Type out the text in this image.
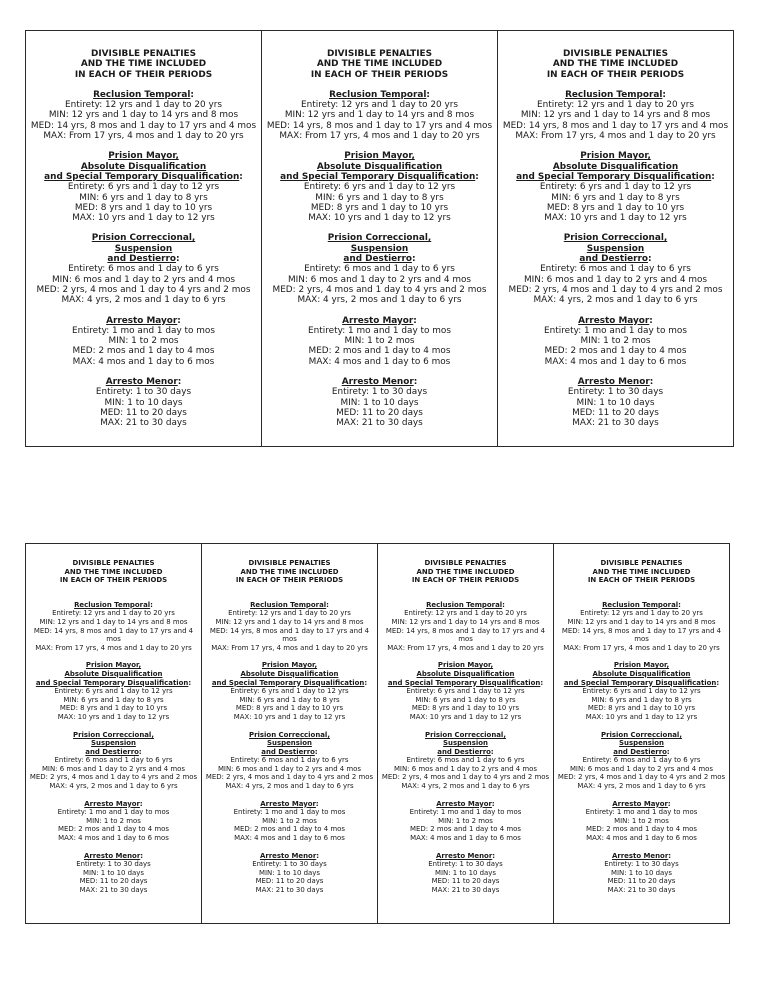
DIVISIBLE PENALTIES
AND THE TIME INCLUDED
IN EACH OF THEIR PERIODS
Reclusion Temporal:
Entirety: 12 yrs and 1 day to 20 yrs
MIN: 12 yrs and 1 day to 14 yrs and 8 mos
MED: 14 yrs, 8 mos and 1 day to 17 yrs and 4 mos
MAX: From 17 yrs, 4 mos and 1 day to 20 yrs
Prision Mayor,
Absolute Disqualification
and Special Temporary Disqualification:
Entirety: 6 yrs and 1 day to 12 yrs
MIN: 6 yrs and 1 day to 8 yrs
MED: 8 yrs and 1 day to 10 yrs
MAX: 10 yrs and 1 day to 12 yrs
Prision Correccional,
Suspension
and Destierro:
Entirety: 6 mos and 1 day to 6 yrs
MIN: 6 mos and 1 day to 2 yrs and 4 mos
MED: 2 yrs, 4 mos and 1 day to 4 yrs and 2 mos
MAX: 4 yrs, 2 mos and 1 day to 6 yrs
Arresto Mayor:
Entirety: 1 mo and 1 day to mos
MIN: 1 to 2 mos
MED: 2 mos and 1 day to 4 mos
MAX: 4 mos and 1 day to 6 mos
Arresto Menor:
Entirety: 1 to 30 days
MIN: 1 to 10 days
MED: 11 to 20 days
MAX: 21 to 30 days
DIVISIBLE PENALTIES
AND THE TIME INCLUDED
IN EACH OF THEIR PERIODS
Reclusion Temporal:
Entirety: 12 yrs and 1 day to 20 yrs
MIN: 12 yrs and 1 day to 14 yrs and 8 mos
MED: 14 yrs, 8 mos and 1 day to 17 yrs and 4 mos
MAX: From 17 yrs, 4 mos and 1 day to 20 yrs
Prision Mayor,
Absolute Disqualification
and Special Temporary Disqualification:
Entirety: 6 yrs and 1 day to 12 yrs
MIN: 6 yrs and 1 day to 8 yrs
MED: 8 yrs and 1 day to 10 yrs
MAX: 10 yrs and 1 day to 12 yrs
Prision Correccional,
Suspension
and Destierro:
Entirety: 6 mos and 1 day to 6 yrs
MIN: 6 mos and 1 day to 2 yrs and 4 mos
MED: 2 yrs, 4 mos and 1 day to 4 yrs and 2 mos
MAX: 4 yrs, 2 mos and 1 day to 6 yrs
Arresto Mayor:
Entirety: 1 mo and 1 day to mos
MIN: 1 to 2 mos
MED: 2 mos and 1 day to 4 mos
MAX: 4 mos and 1 day to 6 mos
Arresto Menor:
Entirety: 1 to 30 days
MIN: 1 to 10 days
MED: 11 to 20 days
MAX: 21 to 30 days
DIVISIBLE PENALTIES
AND THE TIME INCLUDED
IN EACH OF THEIR PERIODS
Reclusion Temporal:
Entirety: 12 yrs and 1 day to 20 yrs
MIN: 12 yrs and 1 day to 14 yrs and 8 mos
MED: 14 yrs, 8 mos and 1 day to 17 yrs and 4 mos
MAX: From 17 yrs, 4 mos and 1 day to 20 yrs
Prision Mayor,
Absolute Disqualification
and Special Temporary Disqualification:
Entirety: 6 yrs and 1 day to 12 yrs
MIN: 6 yrs and 1 day to 8 yrs
MED: 8 yrs and 1 day to 10 yrs
MAX: 10 yrs and 1 day to 12 yrs
Prision Correccional,
Suspension
and Destierro:
Entirety: 6 mos and 1 day to 6 yrs
MIN: 6 mos and 1 day to 2 yrs and 4 mos
MED: 2 yrs, 4 mos and 1 day to 4 yrs and 2 mos
MAX: 4 yrs, 2 mos and 1 day to 6 yrs
Arresto Mayor:
Entirety: 1 mo and 1 day to mos
MIN: 1 to 2 mos
MED: 2 mos and 1 day to 4 mos
MAX: 4 mos and 1 day to 6 mos
Arresto Menor:
Entirety: 1 to 30 days
MIN: 1 to 10 days
MED: 11 to 20 days
MAX: 21 to 30 days
DIVISIBLE PENALTIES
AND THE TIME INCLUDED
IN EACH OF THEIR PERIODS
Reclusion Temporal:
Entirety: 12 yrs and 1 day to 20 yrs
MIN: 12 yrs and 1 day to 14 yrs and 8 mos
MED: 14 yrs, 8 mos and 1 day to 17 yrs and 4 mos
MAX: From 17 yrs, 4 mos and 1 day to 20 yrs
Prision Mayor,
Absolute Disqualification
and Special Temporary Disqualification:
Entirety: 6 yrs and 1 day to 12 yrs
MIN: 6 yrs and 1 day to 8 yrs
MED: 8 yrs and 1 day to 10 yrs
MAX: 10 yrs and 1 day to 12 yrs
Prision Correccional,
Suspension
and Destierro:
Entirety: 6 mos and 1 day to 6 yrs
MIN: 6 mos and 1 day to 2 yrs and 4 mos
MED: 2 yrs, 4 mos and 1 day to 4 yrs and 2 mos
MAX: 4 yrs, 2 mos and 1 day to 6 yrs
Arresto Mayor:
Entirety: 1 mo and 1 day to mos
MIN: 1 to 2 mos
MED: 2 mos and 1 day to 4 mos
MAX: 4 mos and 1 day to 6 mos
Arresto Menor:
Entirety: 1 to 30 days
MIN: 1 to 10 days
MED: 11 to 20 days
MAX: 21 to 30 days
DIVISIBLE PENALTIES
AND THE TIME INCLUDED
IN EACH OF THEIR PERIODS
Reclusion Temporal:
Entirety: 12 yrs and 1 day to 20 yrs
MIN: 12 yrs and 1 day to 14 yrs and 8 mos
MED: 14 yrs, 8 mos and 1 day to 17 yrs and 4 mos
MAX: From 17 yrs, 4 mos and 1 day to 20 yrs
Prision Mayor,
Absolute Disqualification
and Special Temporary Disqualification:
Entirety: 6 yrs and 1 day to 12 yrs
MIN: 6 yrs and 1 day to 8 yrs
MED: 8 yrs and 1 day to 10 yrs
MAX: 10 yrs and 1 day to 12 yrs
Prision Correccional,
Suspension
and Destierro:
Entirety: 6 mos and 1 day to 6 yrs
MIN: 6 mos and 1 day to 2 yrs and 4 mos
MED: 2 yrs, 4 mos and 1 day to 4 yrs and 2 mos
MAX: 4 yrs, 2 mos and 1 day to 6 yrs
Arresto Mayor:
Entirety: 1 mo and 1 day to mos
MIN: 1 to 2 mos
MED: 2 mos and 1 day to 4 mos
MAX: 4 mos and 1 day to 6 mos
Arresto Menor:
Entirety: 1 to 30 days
MIN: 1 to 10 days
MED: 11 to 20 days
MAX: 21 to 30 days
DIVISIBLE PENALTIES
AND THE TIME INCLUDED
IN EACH OF THEIR PERIODS
Reclusion Temporal:
Entirety: 12 yrs and 1 day to 20 yrs
MIN: 12 yrs and 1 day to 14 yrs and 8 mos
MED: 14 yrs, 8 mos and 1 day to 17 yrs and 4 mos
MAX: From 17 yrs, 4 mos and 1 day to 20 yrs
Prision Mayor,
Absolute Disqualification
and Special Temporary Disqualification:
Entirety: 6 yrs and 1 day to 12 yrs
MIN: 6 yrs and 1 day to 8 yrs
MED: 8 yrs and 1 day to 10 yrs
MAX: 10 yrs and 1 day to 12 yrs
Prision Correccional,
Suspension
and Destierro:
Entirety: 6 mos and 1 day to 6 yrs
MIN: 6 mos and 1 day to 2 yrs and 4 mos
MED: 2 yrs, 4 mos and 1 day to 4 yrs and 2 mos
MAX: 4 yrs, 2 mos and 1 day to 6 yrs
Arresto Mayor:
Entirety: 1 mo and 1 day to mos
MIN: 1 to 2 mos
MED: 2 mos and 1 day to 4 mos
MAX: 4 mos and 1 day to 6 mos
Arresto Menor:
Entirety: 1 to 30 days
MIN: 1 to 10 days
MED: 11 to 20 days
MAX: 21 to 30 days
DIVISIBLE PENALTIES
AND THE TIME INCLUDED
IN EACH OF THEIR PERIODS
Reclusion Temporal:
Entirety: 12 yrs and 1 day to 20 yrs
MIN: 12 yrs and 1 day to 14 yrs and 8 mos
MED: 14 yrs, 8 mos and 1 day to 17 yrs and 4 mos
MAX: From 17 yrs, 4 mos and 1 day to 20 yrs
Prision Mayor,
Absolute Disqualification
and Special Temporary Disqualification:
Entirety: 6 yrs and 1 day to 12 yrs
MIN: 6 yrs and 1 day to 8 yrs
MED: 8 yrs and 1 day to 10 yrs
MAX: 10 yrs and 1 day to 12 yrs
Prision Correccional,
Suspension
and Destierro:
Entirety: 6 mos and 1 day to 6 yrs
MIN: 6 mos and 1 day to 2 yrs and 4 mos
MED: 2 yrs, 4 mos and 1 day to 4 yrs and 2 mos
MAX: 4 yrs, 2 mos and 1 day to 6 yrs
Arresto Mayor:
Entirety: 1 mo and 1 day to mos
MIN: 1 to 2 mos
MED: 2 mos and 1 day to 4 mos
MAX: 4 mos and 1 day to 6 mos
Arresto Menor:
Entirety: 1 to 30 days
MIN: 1 to 10 days
MED: 11 to 20 days
MAX: 21 to 30 days
